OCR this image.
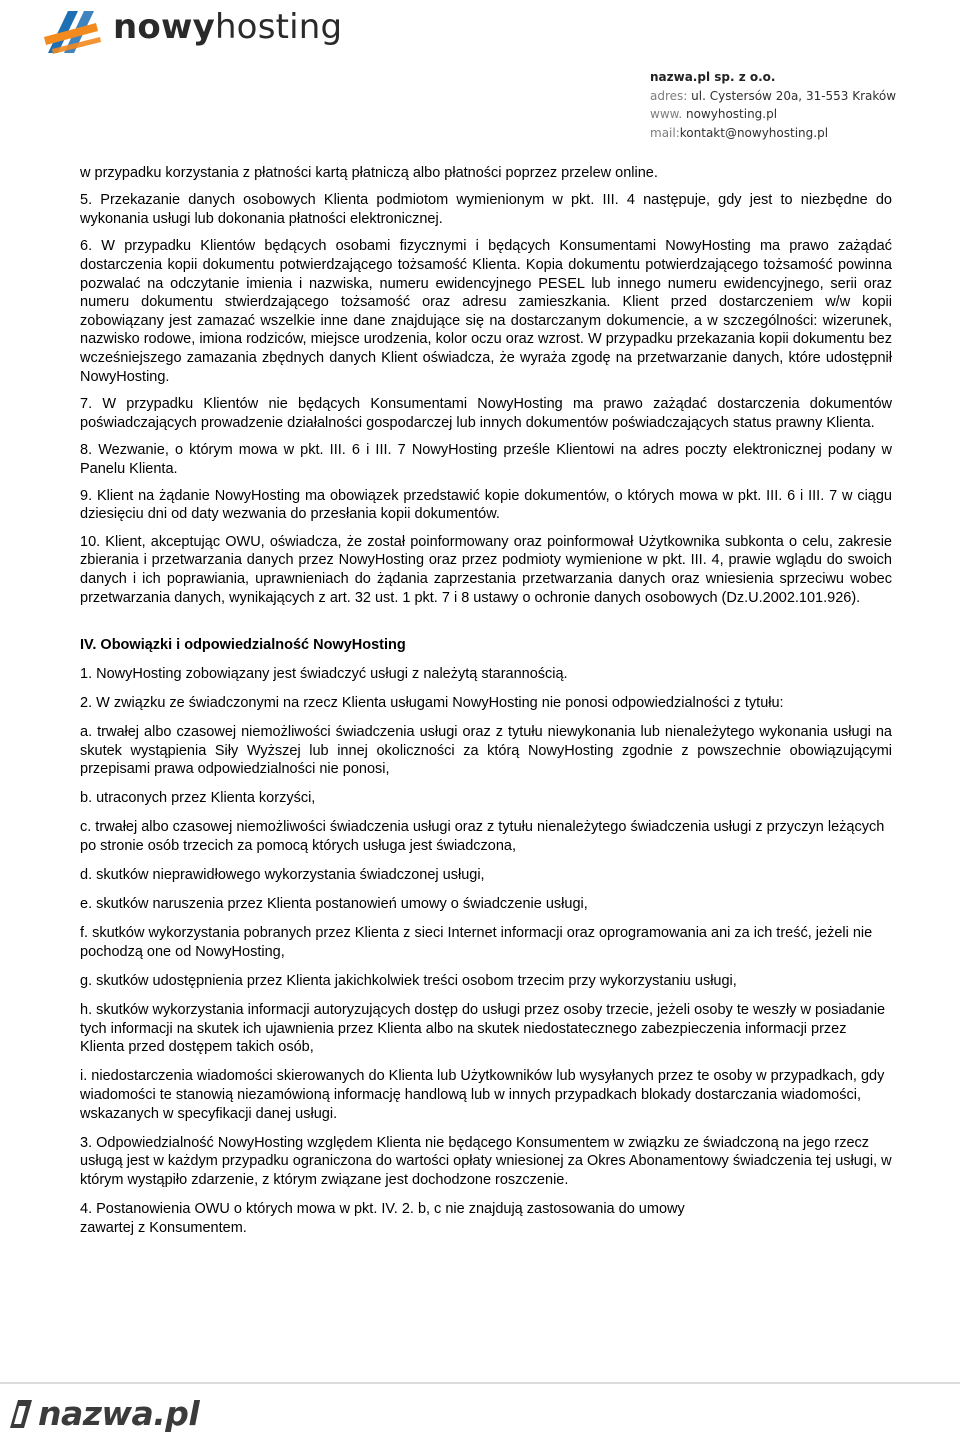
nowyhosting
nazwa.pl sp. z o.o.
adres: ul. Cystersów 20a, 31-553 Kraków
www. nowyhosting.pl
mail:kontakt@nowyhosting.pl

w przypadku korzystania z płatności kartą płatniczą albo płatności poprzez przelew online.

5. Przekazanie danych osobowych Klienta podmiotom wymienionym w pkt. III. 4 następuje, gdy jest to niezbędne do wykonania usługi lub dokonania płatności elektronicznej.

6. W przypadku Klientów będących osobami fizycznymi i będących Konsumentami NowyHosting ma prawo zażądać dostarczenia kopii dokumentu potwierdzającego tożsamość Klienta. Kopia dokumentu potwierdzającego tożsamość powinna pozwalać na odczytanie imienia i nazwiska, numeru ewidencyjnego PESEL lub innego numeru ewidencyjnego, serii oraz numeru dokumentu stwierdzającego tożsamość oraz adresu zamieszkania. Klient przed dostarczeniem w/w kopii zobowiązany jest zamazać wszelkie inne dane znajdujące się na dostarczanym dokumencie, a w szczególności: wizerunek, nazwisko rodowe, imiona rodziców, miejsce urodzenia, kolor oczu oraz wzrost. W przypadku przekazania kopii dokumentu bez wcześniejszego zamazania zbędnych danych Klient oświadcza, że wyraża zgodę na przetwarzanie danych, które udostępnił NowyHosting.

7. W przypadku Klientów nie będących Konsumentami NowyHosting ma prawo zażądać dostarczenia dokumentów poświadczających prowadzenie działalności gospodarczej lub innych dokumentów poświadczających status prawny Klienta.

8. Wezwanie, o którym mowa w pkt. III. 6 i III. 7 NowyHosting prześle Klientowi na adres poczty elektronicznej podany w Panelu Klienta.

9. Klient na żądanie NowyHosting ma obowiązek przedstawić kopie dokumentów, o których mowa w pkt. III. 6 i III. 7 w ciągu dziesięciu dni od daty wezwania do przesłania kopii dokumentów.

10. Klient, akceptując OWU, oświadcza, że został poinformowany oraz poinformował Użytkownika subkonta o celu, zakresie zbierania i przetwarzania danych przez NowyHosting oraz przez podmioty wymienione w pkt. III. 4, prawie wglądu do swoich danych i ich poprawiania, uprawnieniach do żądania zaprzestania przetwarzania danych oraz wniesienia sprzeciwu wobec przetwarzania danych, wynikających z art. 32 ust. 1 pkt. 7 i 8 ustawy o ochronie danych osobowych (Dz.U.2002.101.926).

IV. Obowiązki i odpowiedzialność NowyHosting

1. NowyHosting zobowiązany jest świadczyć usługi z należytą starannością.

2. W związku ze świadczonymi na rzecz Klienta usługami NowyHosting nie ponosi odpowiedzialności z tytułu:

a. trwałej albo czasowej niemożliwości świadczenia usługi oraz z tytułu niewykonania lub nienależytego wykonania usługi na skutek wystąpienia Siły Wyższej lub innej okoliczności za którą NowyHosting zgodnie z powszechnie obowiązującymi przepisami prawa odpowiedzialności nie ponosi,

b. utraconych przez Klienta korzyści,

c. trwałej albo czasowej niemożliwości świadczenia usługi oraz z tytułu nienależytego świadczenia usługi z przyczyn leżących po stronie osób trzecich za pomocą których usługa jest świadczona,

d. skutków nieprawidłowego wykorzystania świadczonej usługi,

e. skutków naruszenia przez Klienta postanowień umowy o świadczenie usługi,

f. skutków wykorzystania pobranych przez Klienta z sieci Internet informacji oraz oprogramowania ani za ich treść, jeżeli nie pochodzą one od NowyHosting,

g. skutków udostępnienia przez Klienta jakichkolwiek treści osobom trzecim przy wykorzystaniu usługi,

h. skutków wykorzystania informacji autoryzujących dostęp do usługi przez osoby trzecie, jeżeli osoby te weszły w posiadanie tych informacji na skutek ich ujawnienia przez Klienta albo na skutek niedostatecznego zabezpieczenia informacji przez Klienta przed dostępem takich osób,

i. niedostarczenia wiadomości skierowanych do Klienta lub Użytkowników lub wysyłanych przez te osoby w przypadkach, gdy wiadomości te stanowią niezamówioną informację handlową lub w innych przypadkach blokady dostarczania wiadomości, wskazanych w specyfikacji danej usługi.

3. Odpowiedzialność NowyHosting względem Klienta nie będącego Konsumentem w związku ze świadczoną na jego rzecz usługą jest w każdym przypadku ograniczona do wartości opłaty wniesionej za Okres Abonamentowy świadczenia tej usługi, w którym wystąpiło zdarzenie, z którym związane jest dochodzone roszczenie.

4. Postanowienia OWU o których mowa w pkt. IV. 2. b, c nie znajdują zastosowania do umowy zawartej z Konsumentem.

nazwa.pl
